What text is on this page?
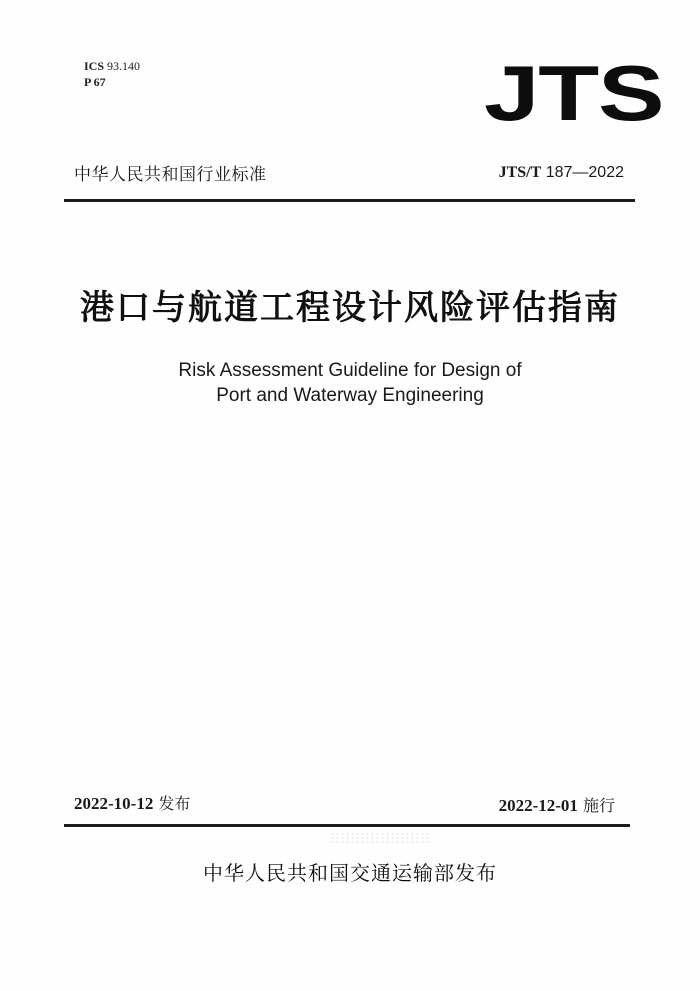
ICS 93.140
P 67	JTS
中华人民共和国行业标准	JTS/T 187—2022
港口与航道工程设计风险评估指南
Risk Assessment Guideline for Design of
Port and Waterway Engineering
2022-10-12 发布	2022-12-01 施行
中华人民共和国交通运输部发布
